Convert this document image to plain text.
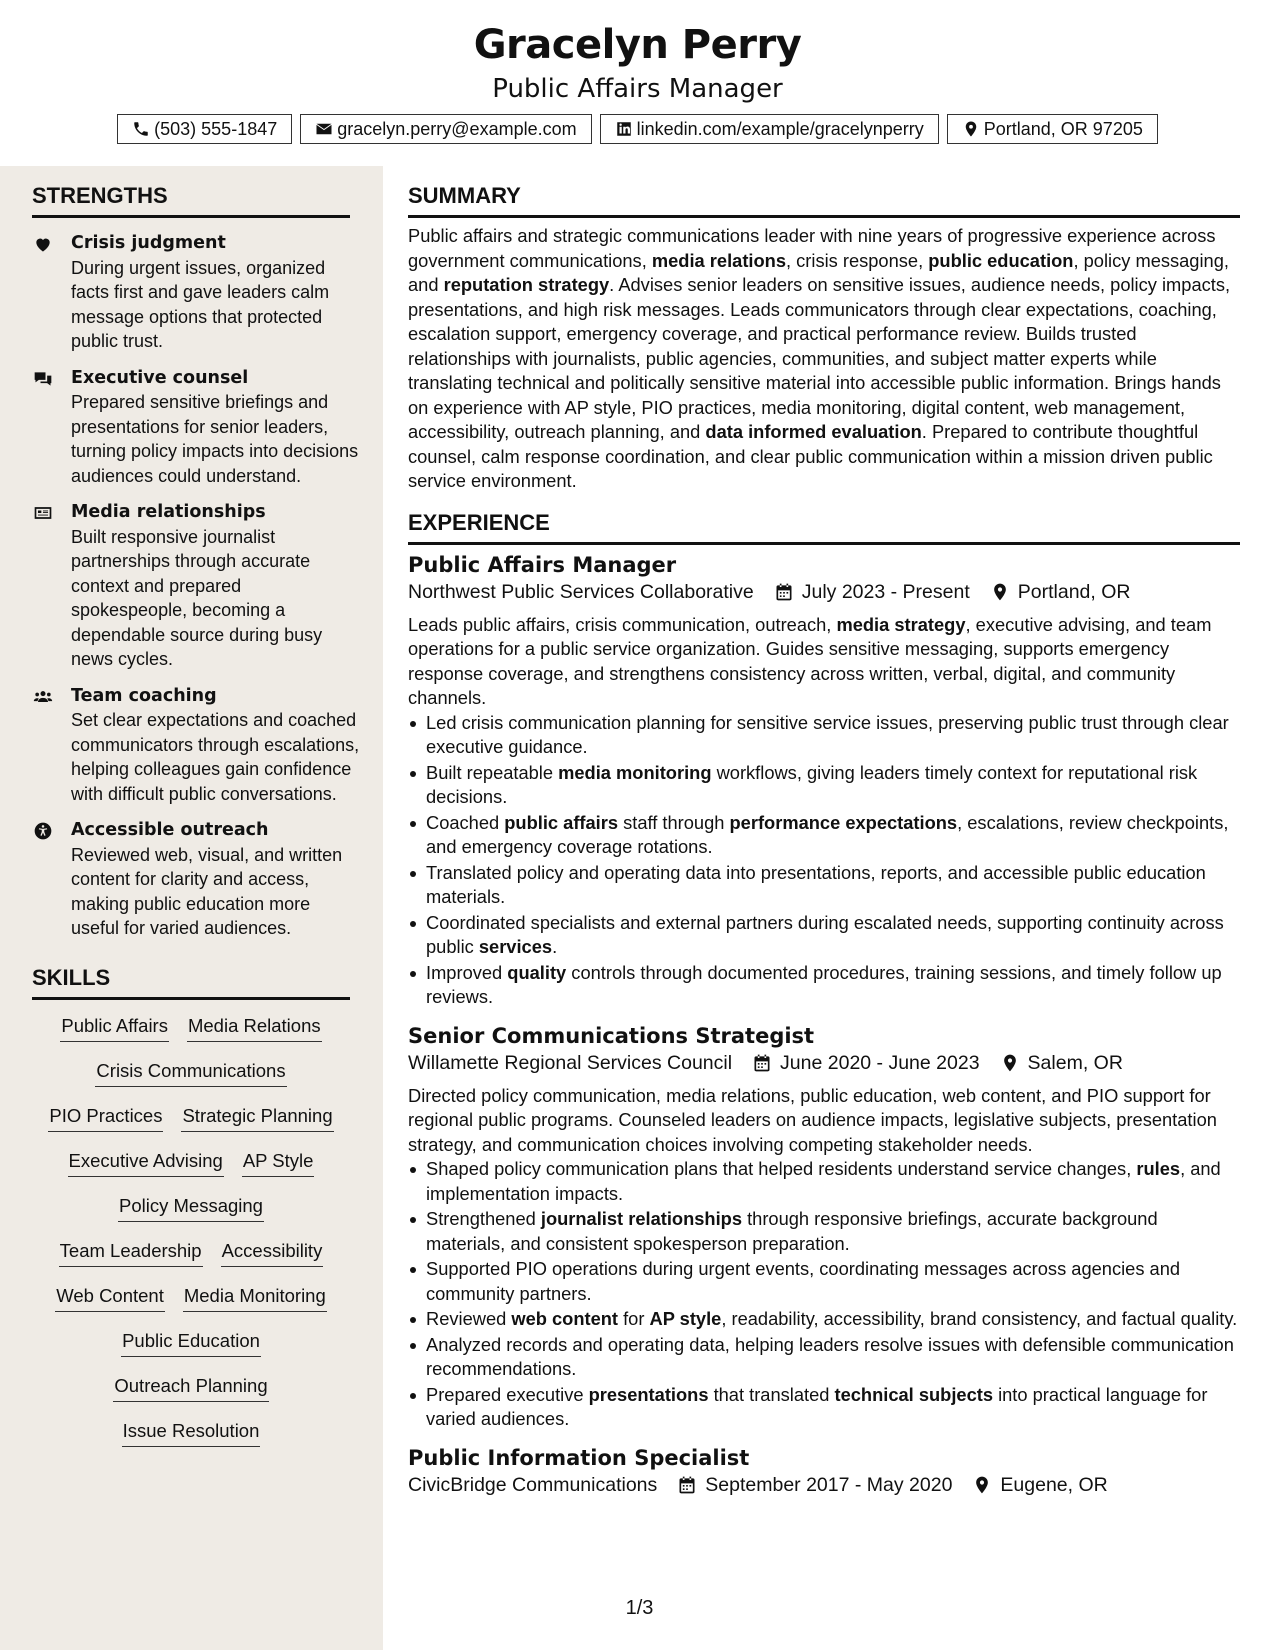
Gracelyn Perry
Public Affairs Manager
(503) 555-1847	gracelyn.perry@example.com	linkedin.com/example/gracelynperry	Portland, OR 97205
STRENGTHS
Crisis judgment
During urgent issues, organized facts first and gave leaders calm message options that protected public trust.
Executive counsel
Prepared sensitive briefings and presentations for senior leaders, turning policy impacts into decisions audiences could understand.
Media relationships
Built responsive journalist partnerships through accurate context and prepared spokespeople, becoming a dependable source during busy news cycles.
Team coaching
Set clear expectations and coached communicators through escalations, helping colleagues gain confidence with difficult public conversations.
Accessible outreach
Reviewed web, visual, and written content for clarity and access, making public education more useful for varied audiences.
SKILLS
Public Affairs Media Relations
Crisis Communications
PIO Practices Strategic Planning
Executive Advising AP Style
Policy Messaging
Team Leadership Accessibility
Web Content Media Monitoring
Public Education
Outreach Planning
Issue Resolution
SUMMARY
Public affairs and strategic communications leader with nine years of progressive experience across government communications, media relations, crisis response, public education, policy messaging, and reputation strategy. Advises senior leaders on sensitive issues, audience needs, policy impacts, presentations, and high risk messages. Leads communicators through clear expectations, coaching, escalation support, emergency coverage, and practical performance review. Builds trusted relationships with journalists, public agencies, communities, and subject matter experts while translating technical and politically sensitive material into accessible public information. Brings hands on experience with AP style, PIO practices, media monitoring, digital content, web management, accessibility, outreach planning, and data informed evaluation. Prepared to contribute thoughtful counsel, calm response coordination, and clear public communication within a mission driven public service environment.
EXPERIENCE
Public Affairs Manager
Northwest Public Services Collaborative July 2023 - Present Portland, OR
Leads public affairs, crisis communication, outreach, media strategy, executive advising, and team operations for a public service organization. Guides sensitive messaging, supports emergency response coverage, and strengthens consistency across written, verbal, digital, and community channels.
Led crisis communication planning for sensitive service issues, preserving public trust through clear executive guidance.
Built repeatable media monitoring workflows, giving leaders timely context for reputational risk decisions.
Coached public affairs staff through performance expectations, escalations, review checkpoints, and emergency coverage rotations.
Translated policy and operating data into presentations, reports, and accessible public education materials.
Coordinated specialists and external partners during escalated needs, supporting continuity across public services.
Improved quality controls through documented procedures, training sessions, and timely follow up reviews.
Senior Communications Strategist
Willamette Regional Services Council June 2020 - June 2023 Salem, OR
Directed policy communication, media relations, public education, web content, and PIO support for regional public programs. Counseled leaders on audience impacts, legislative subjects, presentation strategy, and communication choices involving competing stakeholder needs.
Shaped policy communication plans that helped residents understand service changes, rules, and implementation impacts.
Strengthened journalist relationships through responsive briefings, accurate background materials, and consistent spokesperson preparation.
Supported PIO operations during urgent events, coordinating messages across agencies and community partners.
Reviewed web content for AP style, readability, accessibility, brand consistency, and factual quality.
Analyzed records and operating data, helping leaders resolve issues with defensible communication recommendations.
Prepared executive presentations that translated technical subjects into practical language for varied audiences.
Public Information Specialist
CivicBridge Communications September 2017 - May 2020 Eugene, OR
1/3
